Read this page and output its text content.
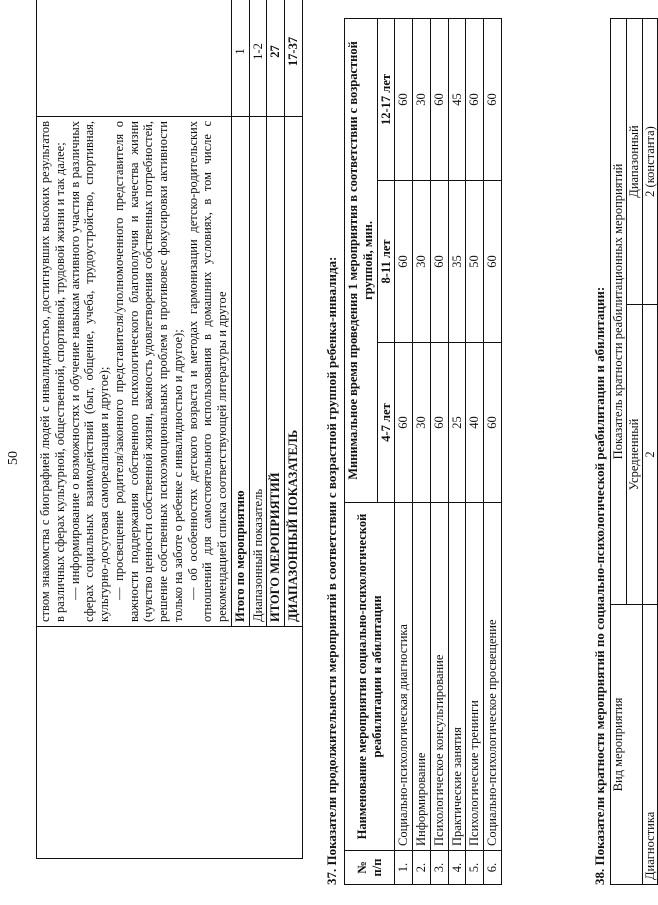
50

	ством знакомства с биографией людей с инвалидностью, достигнувших высоких результатов в различных сферах культурной, общественной, спортивной, трудовой жизни и так далее; — информирование о возможностях и обучение навыкам активного участия в различных сферах социальных взаимодействий (быт, общение, учеба, трудоустройство, спортивная, культурно-досуговая самореализация и другое); — просвещение родителя/законного представителя/уполномоченного представителя о важности поддержания собственного психологического благополучия и качества жизни (чувство ценности собственной жизни, важность удовлетворения собственных потребностей, решение собственных психоэмоциональных проблем в противовес фокусировки активности только на заботе о ребенке с инвалидностью и другое); — об особенностях детского возраста и методах гармонизации детско-родительских отношений для самостоятельного использования в домашних условиях, в том числе с рекомендацией списка соответствующей литературы и другое	

	Итого по мероприятию	1
	Диапазонный показатель	1-2
	ИТОГО МЕРОПРИЯТИЙ	27
	ДИАПАЗОННЫЙ ПОКАЗАТЕЛЬ	17-37
37. Показатели продолжительности мероприятий в соответствии с возрастной группой ребенка-инвалида: № п/п	Наименование мероприятия социально-психологической реабилитации и абилитации	Минимальное время проведения 1 мероприятия в соответствии с возрастной группой, мин.		
		4-7 лет	8-11 лет	12-17 лет
1.	Социально-психологическая диагностика	60	60	60
2.	Информирование	30	30	30
3.	Психологическое консультирование	60	60	60
4.	Практические занятия	25	35	45
5.	Психологические тренинги	40	50	60
6.	Социально-психологическое просвещение	60	60	60
38. Показатели кратности мероприятий по социально-психологической реабилитации и абилитации: Вид мероприятия	Показатель кратности реабилитационных мероприятий	
	Усредненный	Диапазонный
Диагностика	2	2 (константа)
